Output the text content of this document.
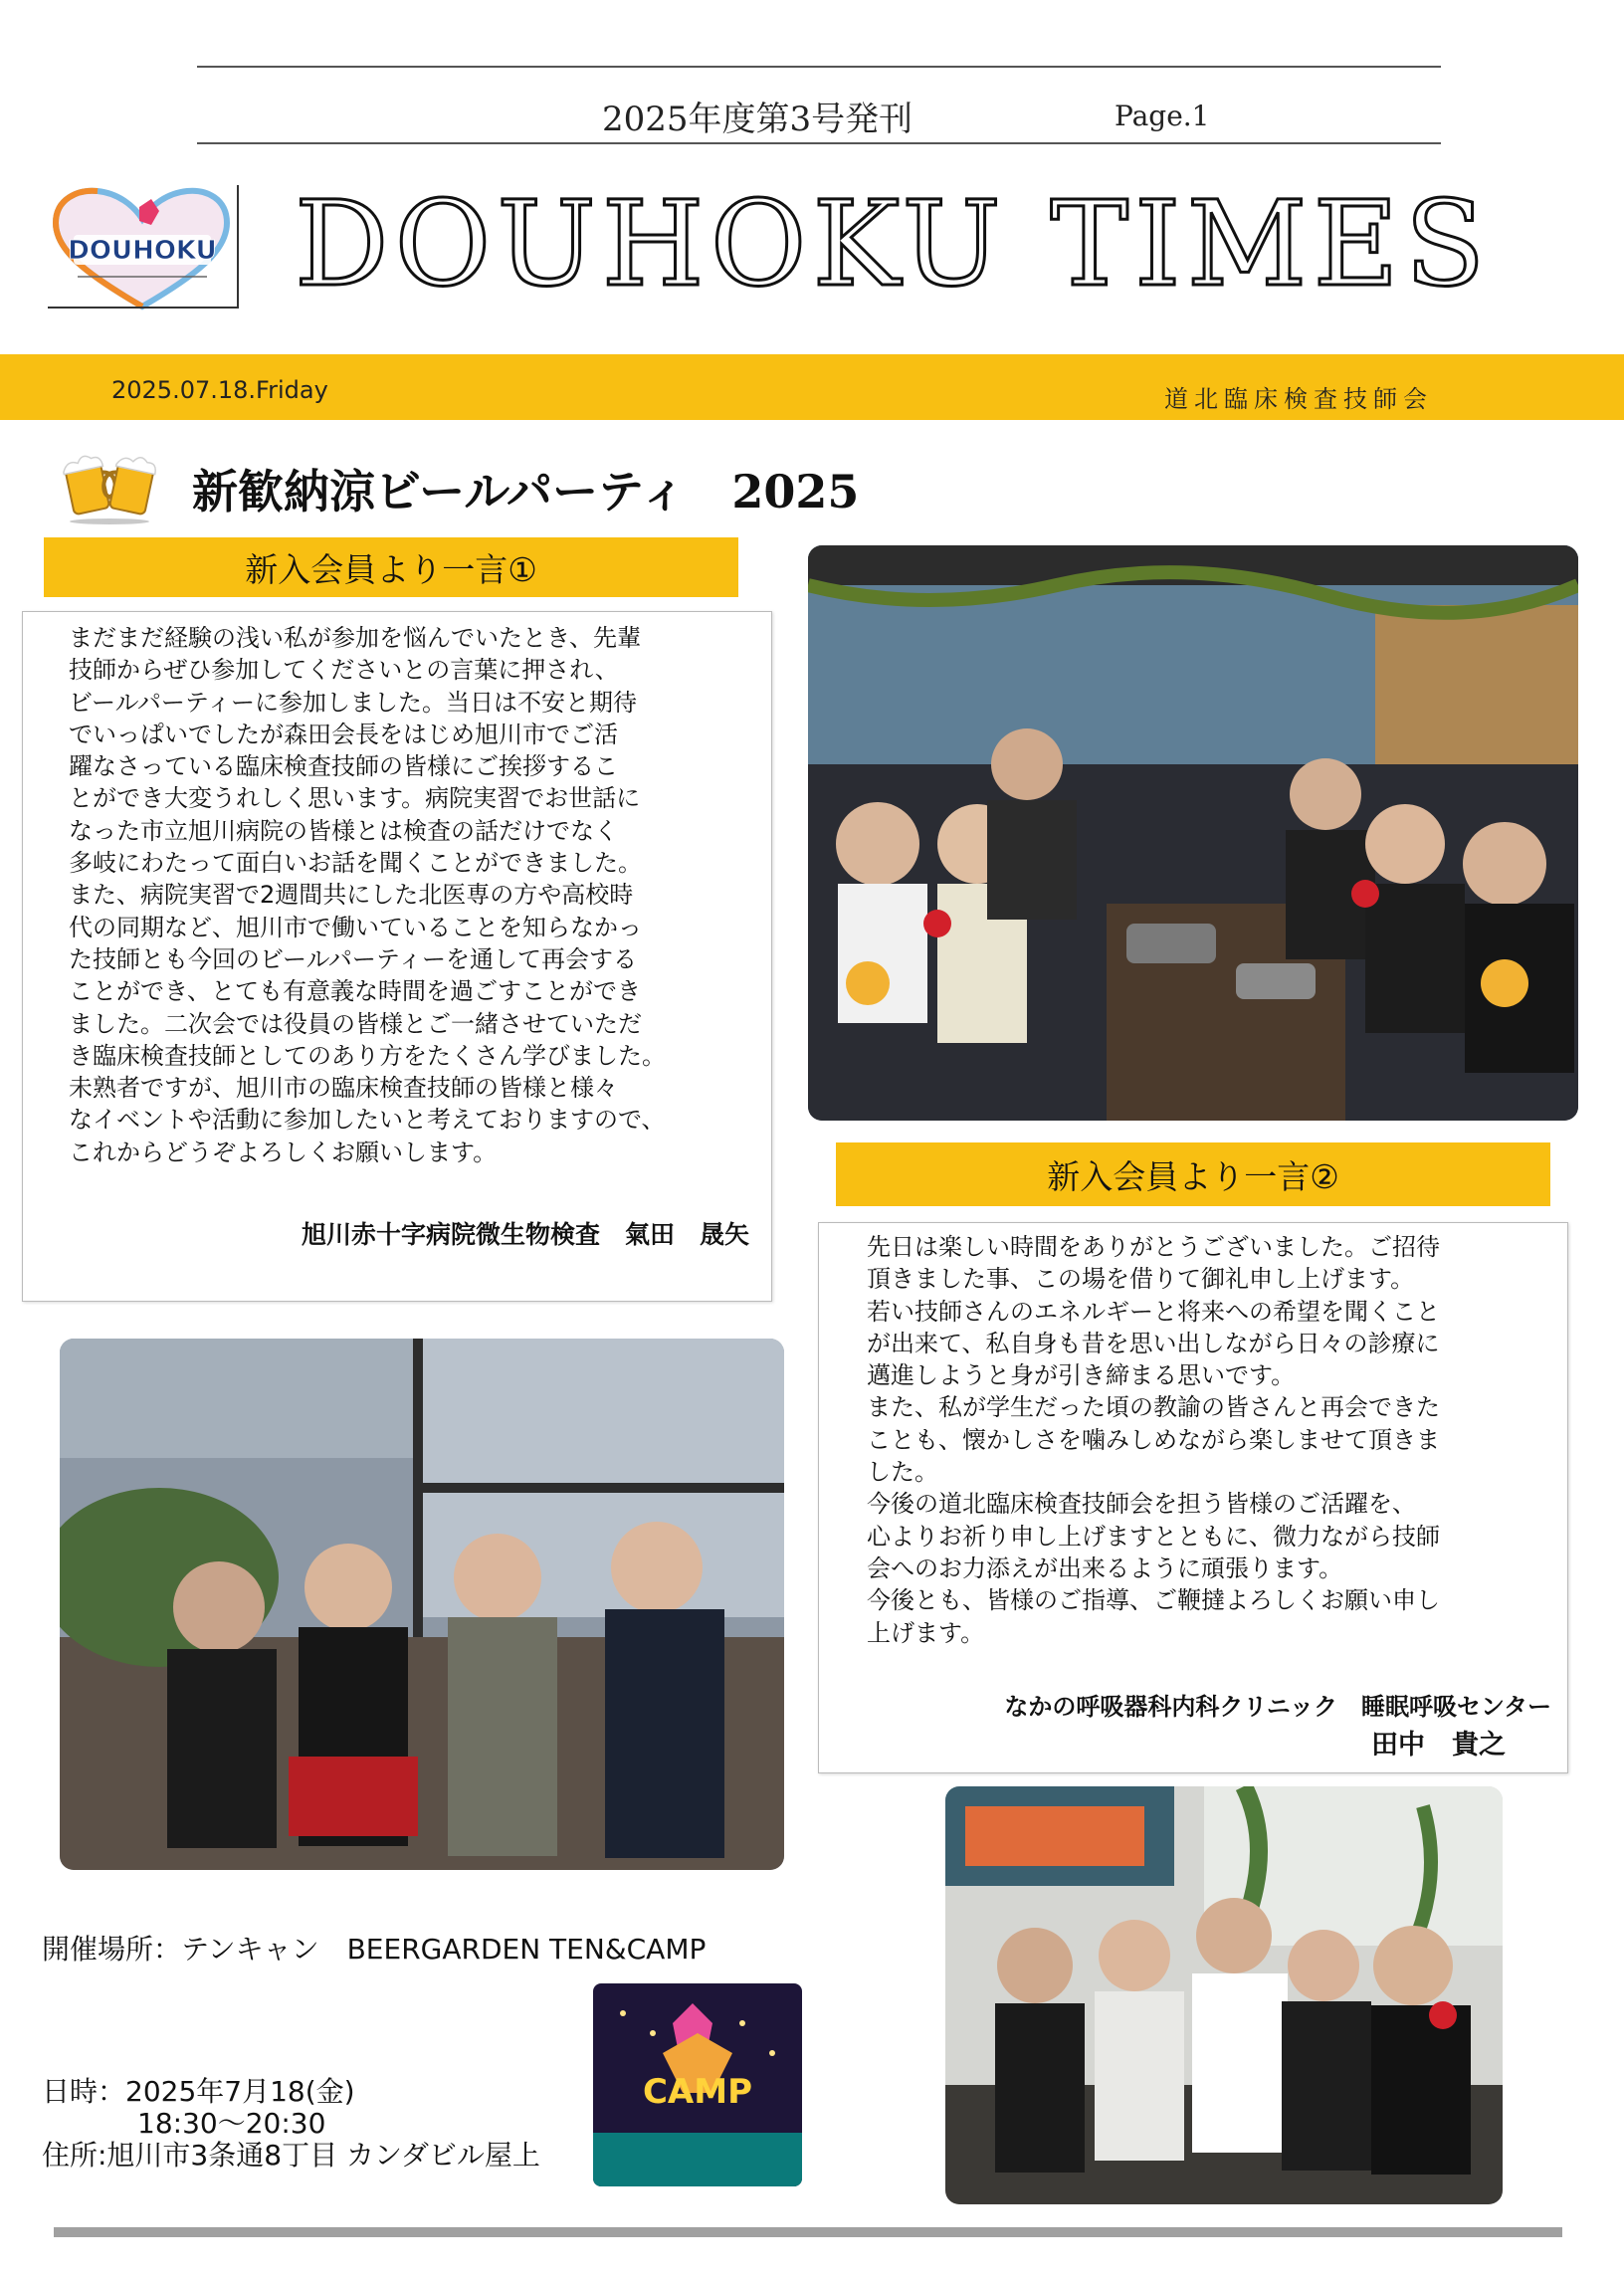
2025年度第3号発刊	Page.1
DOUHOKU DOUHOKU TIMES
2025.07.18.Friday	道北臨床検査技師会
新歓納涼ビールパーティ　2025
新入会員より一言①
まだまだ経験の浅い私が参加を悩んでいたとき、先輩
技師からぜひ参加してくださいとの言葉に押され、
ビールパーティーに参加しました。当日は不安と期待
でいっぱいでしたが森田会長をはじめ旭川市でご活
躍なさっている臨床検査技師の皆様にご挨拶するこ
とができ大変うれしく思います。病院実習でお世話に
なった市立旭川病院の皆様とは検査の話だけでなく
多岐にわたって面白いお話を聞くことができました。
また、病院実習で2週間共にした北医専の方や高校時
代の同期など、旭川市で働いていることを知らなかっ
た技師とも今回のビールパーティーを通して再会する
ことができ、とても有意義な時間を過ごすことができ
ました。二次会では役員の皆様とご一緒させていただ
き臨床検査技師としてのあり方をたくさん学びました。
未熟者ですが、旭川市の臨床検査技師の皆様と様々
なイベントや活動に参加したいと考えておりますので、
これからどうぞよろしくお願いします。
旭川赤十字病院微生物検査　氣田　晟矢
新入会員より一言②
先日は楽しい時間をありがとうございました。ご招待
頂きました事、この場を借りて御礼申し上げます。
若い技師さんのエネルギーと将来への希望を聞くこと
が出来て、私自身も昔を思い出しながら日々の診療に
邁進しようと身が引き締まる思いです。
また、私が学生だった頃の教諭の皆さんと再会できた
ことも、懐かしさを噛みしめながら楽しませて頂きま
した。
今後の道北臨床検査技師会を担う皆様のご活躍を、
心よりお祈り申し上げますとともに、微力ながら技師
会へのお力添えが出来るように頑張ります。
今後とも、皆様のご指導、ご鞭撻よろしくお願い申し
上げます。
なかの呼吸器科内科クリニック　睡眠呼吸センター
田中　貴之
開催場所：テンキャン　BEERGARDEN TEN&CAMP
日時：2025年7月18(金)
18:30～20:30
住所:旭川市3条通8丁目 カンダビル屋上
CAMP
